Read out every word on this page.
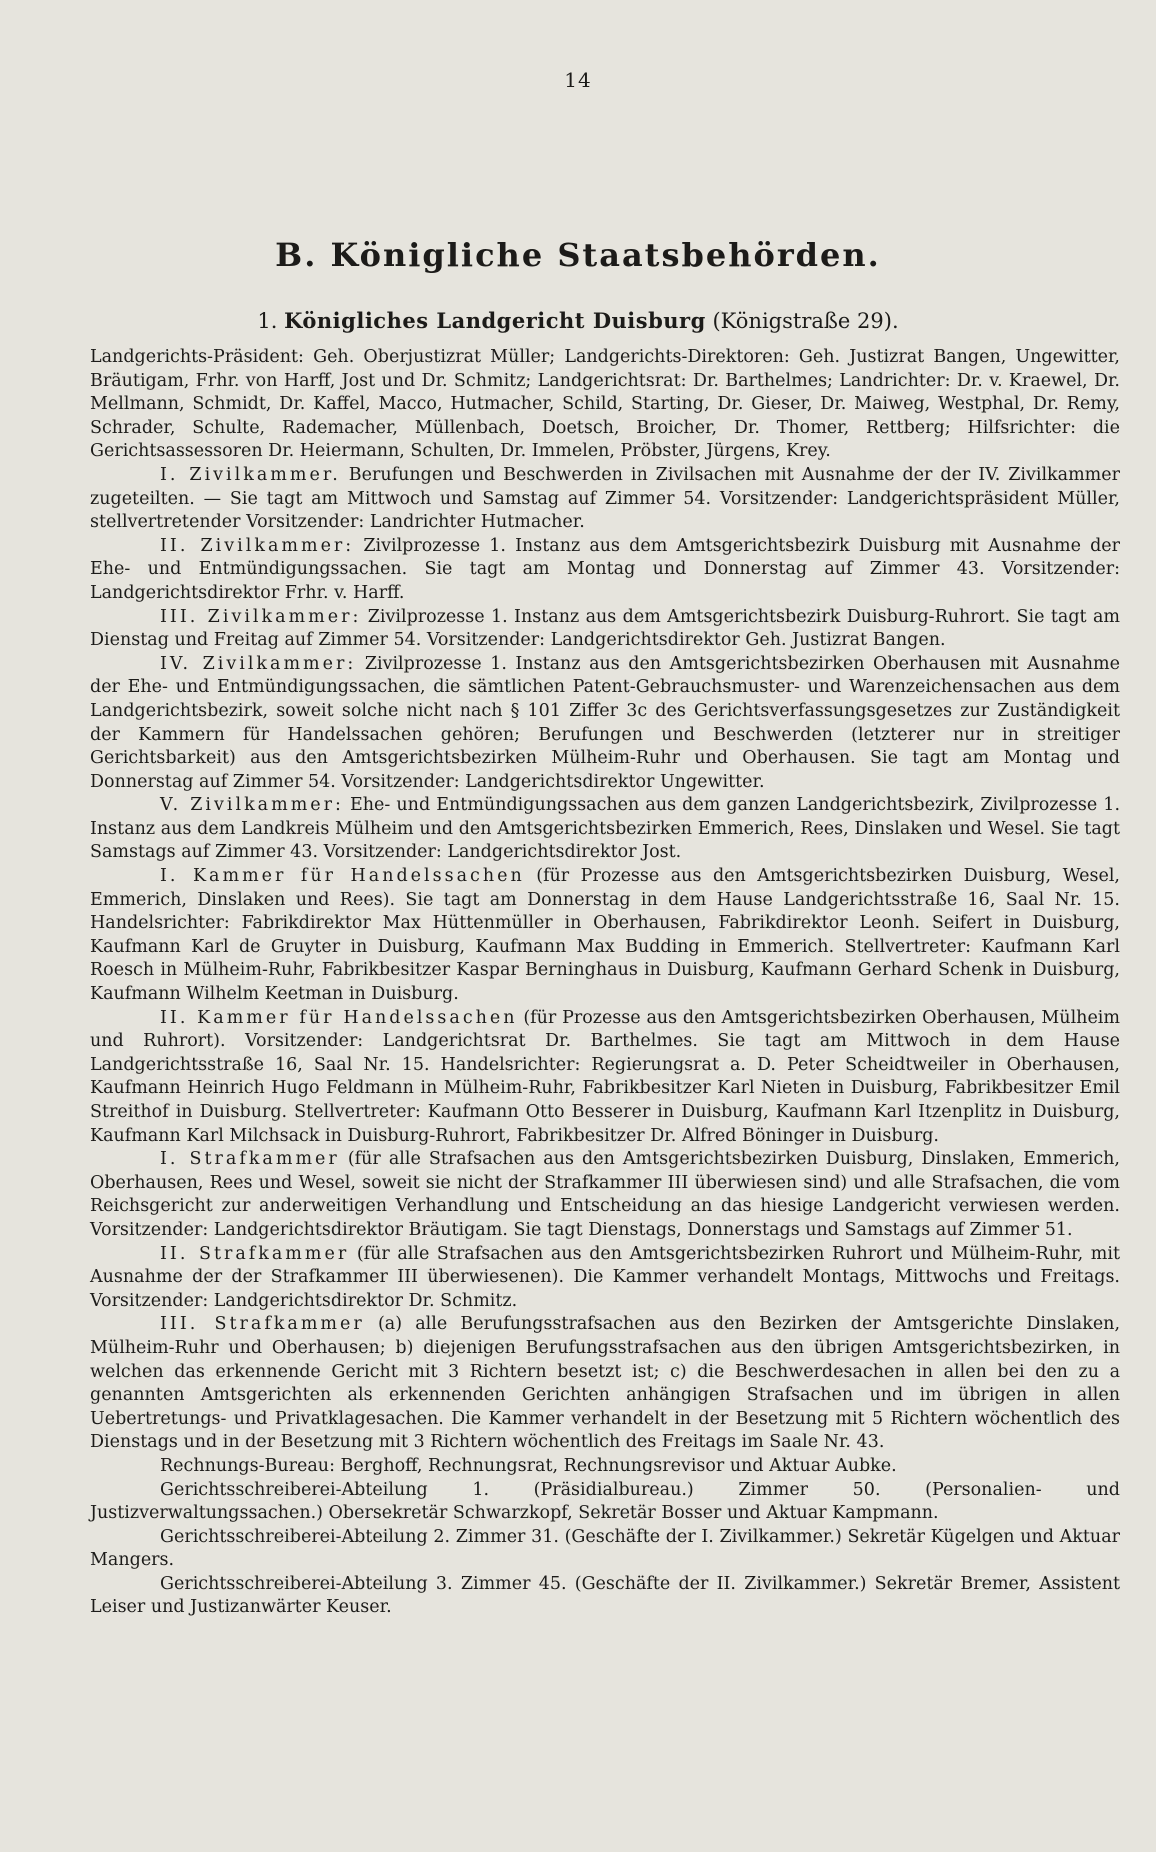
14
B. Königliche Staatsbehörden.
1. Königliches Landgericht Duisburg (Königstraße 29).

Landgerichts-Präsident: Geh. Oberjustizrat Müller; Landgerichts-Direktoren: Geh. Justizrat Bangen, Ungewitter, Bräutigam, Frhr. von Harff, Jost und Dr. Schmitz; Landgerichtsrat: Dr. Barthelmes; Landrichter: Dr. v. Kraewel, Dr. Mellmann, Schmidt, Dr. Kaffel, Macco, Hutmacher, Schild, Starting, Dr. Gieser, Dr. Maiweg, Westphal, Dr. Remy, Schrader, Schulte, Rademacher, Müllenbach, Doetsch, Broicher, Dr. Thomer, Rettberg; Hilfsrichter: die Gerichtsassessoren Dr. Heiermann, Schulten, Dr. Immelen, Pröbster, Jürgens, Krey.

I. Zivilkammer. Berufungen und Beschwerden in Zivilsachen mit Ausnahme der der IV. Zivilkammer zugeteilten. — Sie tagt am Mittwoch und Samstag auf Zimmer 54. Vorsitzender: Landgerichtspräsident Müller, stellvertretender Vorsitzender: Landrichter Hutmacher.

II. Zivilkammer: Zivilprozesse 1. Instanz aus dem Amtsgerichtsbezirk Duisburg mit Ausnahme der Ehe- und Entmündigungssachen. Sie tagt am Montag und Donnerstag auf Zimmer 43. Vorsitzender: Landgerichtsdirektor Frhr. v. Harff.

III. Zivilkammer: Zivilprozesse 1. Instanz aus dem Amtsgerichtsbezirk Duisburg-Ruhrort. Sie tagt am Dienstag und Freitag auf Zimmer 54. Vorsitzender: Landgerichtsdirektor Geh. Justizrat Bangen.

IV. Zivilkammer: Zivilprozesse 1. Instanz aus den Amtsgerichtsbezirken Oberhausen mit Ausnahme der Ehe- und Entmündigungssachen, die sämtlichen Patent-Gebrauchsmuster- und Warenzeichensachen aus dem Landgerichtsbezirk, soweit solche nicht nach § 101 Ziffer 3c des Gerichtsverfassungsgesetzes zur Zuständigkeit der Kammern für Handelssachen gehören; Berufungen und Beschwerden (letzterer nur in streitiger Gerichtsbarkeit) aus den Amtsgerichtsbezirken Mülheim-Ruhr und Oberhausen. Sie tagt am Montag und Donnerstag auf Zimmer 54. Vorsitzender: Landgerichtsdirektor Ungewitter.

V. Zivilkammer: Ehe- und Entmündigungssachen aus dem ganzen Landgerichtsbezirk, Zivilprozesse 1. Instanz aus dem Landkreis Mülheim und den Amtsgerichtsbezirken Emmerich, Rees, Dinslaken und Wesel. Sie tagt Samstags auf Zimmer 43. Vorsitzender: Landgerichtsdirektor Jost.

I. Kammer für Handelssachen (für Prozesse aus den Amtsgerichtsbezirken Duisburg, Wesel, Emmerich, Dinslaken und Rees). Sie tagt am Donnerstag in dem Hause Landgerichtsstraße 16, Saal Nr. 15. Handelsrichter: Fabrikdirektor Max Hüttenmüller in Oberhausen, Fabrikdirektor Leonh. Seifert in Duisburg, Kaufmann Karl de Gruyter in Duisburg, Kaufmann Max Budding in Emmerich. Stellvertreter: Kaufmann Karl Roesch in Mülheim-Ruhr, Fabrikbesitzer Kaspar Berninghaus in Duisburg, Kaufmann Gerhard Schenk in Duisburg, Kaufmann Wilhelm Keetman in Duisburg.

II. Kammer für Handelssachen (für Prozesse aus den Amtsgerichtsbezirken Oberhausen, Mülheim und Ruhrort). Vorsitzender: Landgerichtsrat Dr. Barthelmes. Sie tagt am Mittwoch in dem Hause Landgerichtsstraße 16, Saal Nr. 15. Handelsrichter: Regierungsrat a. D. Peter Scheidtweiler in Oberhausen, Kaufmann Heinrich Hugo Feldmann in Mülheim-Ruhr, Fabrikbesitzer Karl Nieten in Duisburg, Fabrikbesitzer Emil Streithof in Duisburg. Stellvertreter: Kaufmann Otto Besserer in Duisburg, Kaufmann Karl Itzenplitz in Duisburg, Kaufmann Karl Milchsack in Duisburg-Ruhrort, Fabrikbesitzer Dr. Alfred Böninger in Duisburg.

I. Strafkammer (für alle Strafsachen aus den Amtsgerichtsbezirken Duisburg, Dinslaken, Emmerich, Oberhausen, Rees und Wesel, soweit sie nicht der Strafkammer III überwiesen sind) und alle Strafsachen, die vom Reichsgericht zur anderweitigen Verhandlung und Entscheidung an das hiesige Landgericht verwiesen werden. Vorsitzender: Landgerichtsdirektor Bräutigam. Sie tagt Dienstags, Donnerstags und Samstags auf Zimmer 51.

II. Strafkammer (für alle Strafsachen aus den Amtsgerichtsbezirken Ruhrort und Mülheim-Ruhr, mit Ausnahme der der Strafkammer III überwiesenen). Die Kammer verhandelt Montags, Mittwochs und Freitags. Vorsitzender: Landgerichtsdirektor Dr. Schmitz.

III. Strafkammer (a) alle Berufungsstrafsachen aus den Bezirken der Amtsgerichte Dinslaken, Mülheim-Ruhr und Oberhausen; b) diejenigen Berufungsstrafsachen aus den übrigen Amtsgerichtsbezirken, in welchen das erkennende Gericht mit 3 Richtern besetzt ist; c) die Beschwerdesachen in allen bei den zu a genannten Amtsgerichten als erkennenden Gerichten anhängigen Strafsachen und im übrigen in allen Uebertretungs- und Privatklagesachen. Die Kammer verhandelt in der Besetzung mit 5 Richtern wöchentlich des Dienstags und in der Besetzung mit 3 Richtern wöchentlich des Freitags im Saale Nr. 43.

Rechnungs-Bureau: Berghoff, Rechnungsrat, Rechnungsrevisor und Aktuar Aubke.

Gerichtsschreiberei-Abteilung 1. (Präsidialbureau.) Zimmer 50. (Personalien- und Justizverwaltungssachen.) Obersekretär Schwarzkopf, Sekretär Bosser und Aktuar Kampmann.

Gerichtsschreiberei-Abteilung 2. Zimmer 31. (Geschäfte der I. Zivilkammer.) Sekretär Kügelgen und Aktuar Mangers.

Gerichtsschreiberei-Abteilung 3. Zimmer 45. (Geschäfte der II. Zivilkammer.) Sekretär Bremer, Assistent Leiser und Justizanwärter Keuser.
